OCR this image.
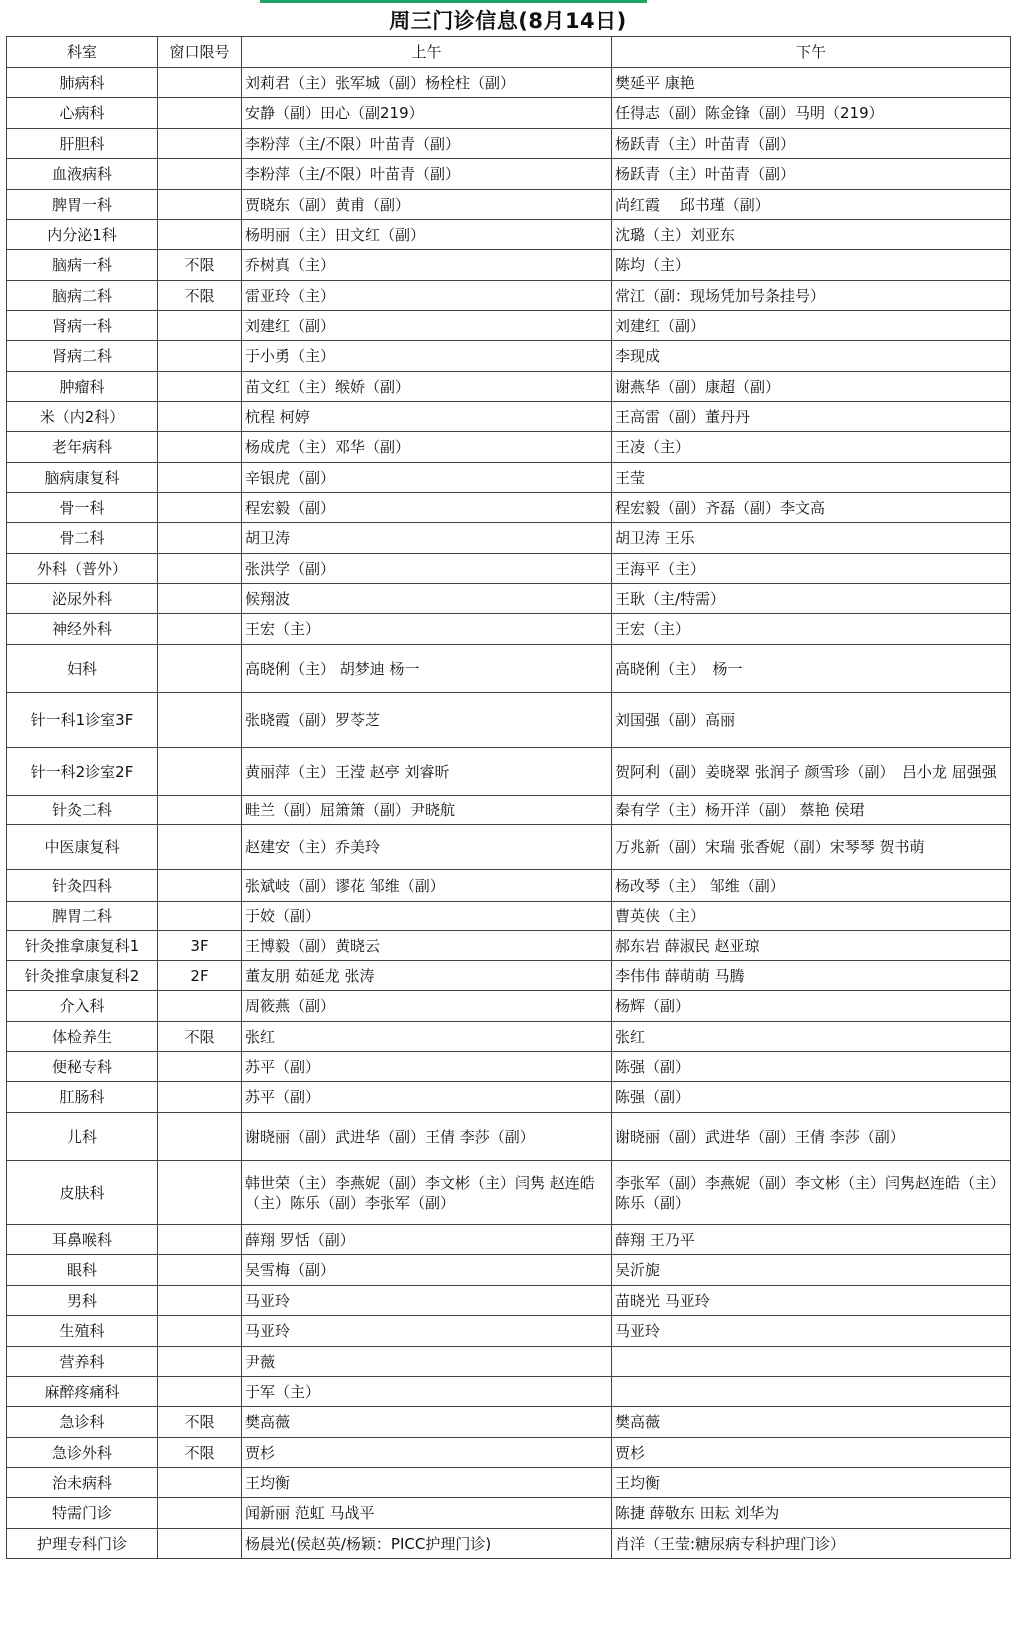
周三门诊信息(8月14日)
科室	窗口限号	上午	下午
肺病科		刘莉君（主）张军城（副）杨栓柱（副）	樊延平 康艳
心病科		安静（副）田心（副219）	任得志（副）陈金锋（副）马明（219）
肝胆科		李粉萍（主/不限）叶苗青（副）	杨跃青（主）叶苗青（副）
血液病科		李粉萍（主/不限）叶苗青（副）	杨跃青（主）叶苗青（副）
脾胃一科		贾晓东（副）黄甫（副）	尚红霞　 邱书瑾（副）
内分泌1科		杨明丽（主）田文红（副）	沈璐（主）刘亚东
脑病一科	不限	乔树真（主）	陈均（主）
脑病二科	不限	雷亚玲（主）	常江（副：现场凭加号条挂号）
肾病一科		刘建红（副）	刘建红（副）
肾病二科		于小勇（主）	李现成
肿瘤科		苗文红（主）缑娇（副）	谢燕华（副）康超（副）
米（内2科）		杭程 柯婷	王高雷（副）董丹丹
老年病科		杨成虎（主）邓华（副）	王凌（主）
脑病康复科		辛银虎（副）	王莹
骨一科		程宏毅（副）	程宏毅（副）齐磊（副）李文高
骨二科		胡卫涛	胡卫涛 王乐
外科（普外）		张洪学（副）	王海平（主）
泌尿外科		候翔波	王耿（主/特需）
神经外科		王宏（主）	王宏（主）
妇科		高晓俐（主） 胡梦迪 杨一	高晓俐（主）　杨一
针一科1诊室3F		张晓霞（副）罗苓芝	刘国强（副）高丽
针一科2诊室2F		黄丽萍（主）王滢 赵亭 刘睿昕	贺阿利（副）姜晓翠 张润子 颜雪珍（副）　吕小龙 屈强强
针灸二科		畦兰（副）屈箫箫（副）尹晓航	秦有学（主）杨开洋（副） 蔡艳 侯珺
中医康复科		赵建安（主）乔美玲	万兆新（副）宋瑞 张香妮（副）宋琴琴 贺书萌
针灸四科		张斌岐（副）谬花 邹维（副）	杨改琴（主） 邹维（副）
脾胃二科		于姣（副）	曹英侠（主）
针灸推拿康复科1	3F	王博毅（副）黄晓云	郝东岩 薛淑民 赵亚琼
针灸推拿康复科2	2F	董友朋 茹延龙 张涛	李伟伟 薛萌萌 马腾
介入科		周筱燕（副）	杨辉（副）
体检养生	不限	张红	张红
便秘专科		苏平（副）	陈强（副）
肛肠科		苏平（副）	陈强（副）
儿科		谢晓丽（副）武进华（副）王倩 李莎（副）	谢晓丽（副）武进华（副）王倩 李莎（副）
皮肤科		韩世荣（主）李燕妮（副）李文彬（主）闫隽 赵连皓（主）陈乐（副）李张军（副）	李张军（副）李燕妮（副）李文彬（主）闫隽赵连皓（主）陈乐（副）
耳鼻喉科		薛翔 罗恬（副）	薛翔 王乃平
眼科		吴雪梅（副）	吴沂旎
男科		马亚玲	苗晓光 马亚玲
生殖科		马亚玲	马亚玲
营养科		尹薇	
麻醉疼痛科		于军（主）	
急诊科	不限	樊高薇	樊高薇
急诊外科	不限	贾杉	贾杉
治未病科		王均衡	王均衡
特需门诊		闻新丽 范虹 马战平	陈捷 薛敬东 田耘 刘华为
护理专科门诊		杨晨光(侯赵英/杨颖：PICC护理门诊)	肖洋（王莹:糖尿病专科护理门诊）
